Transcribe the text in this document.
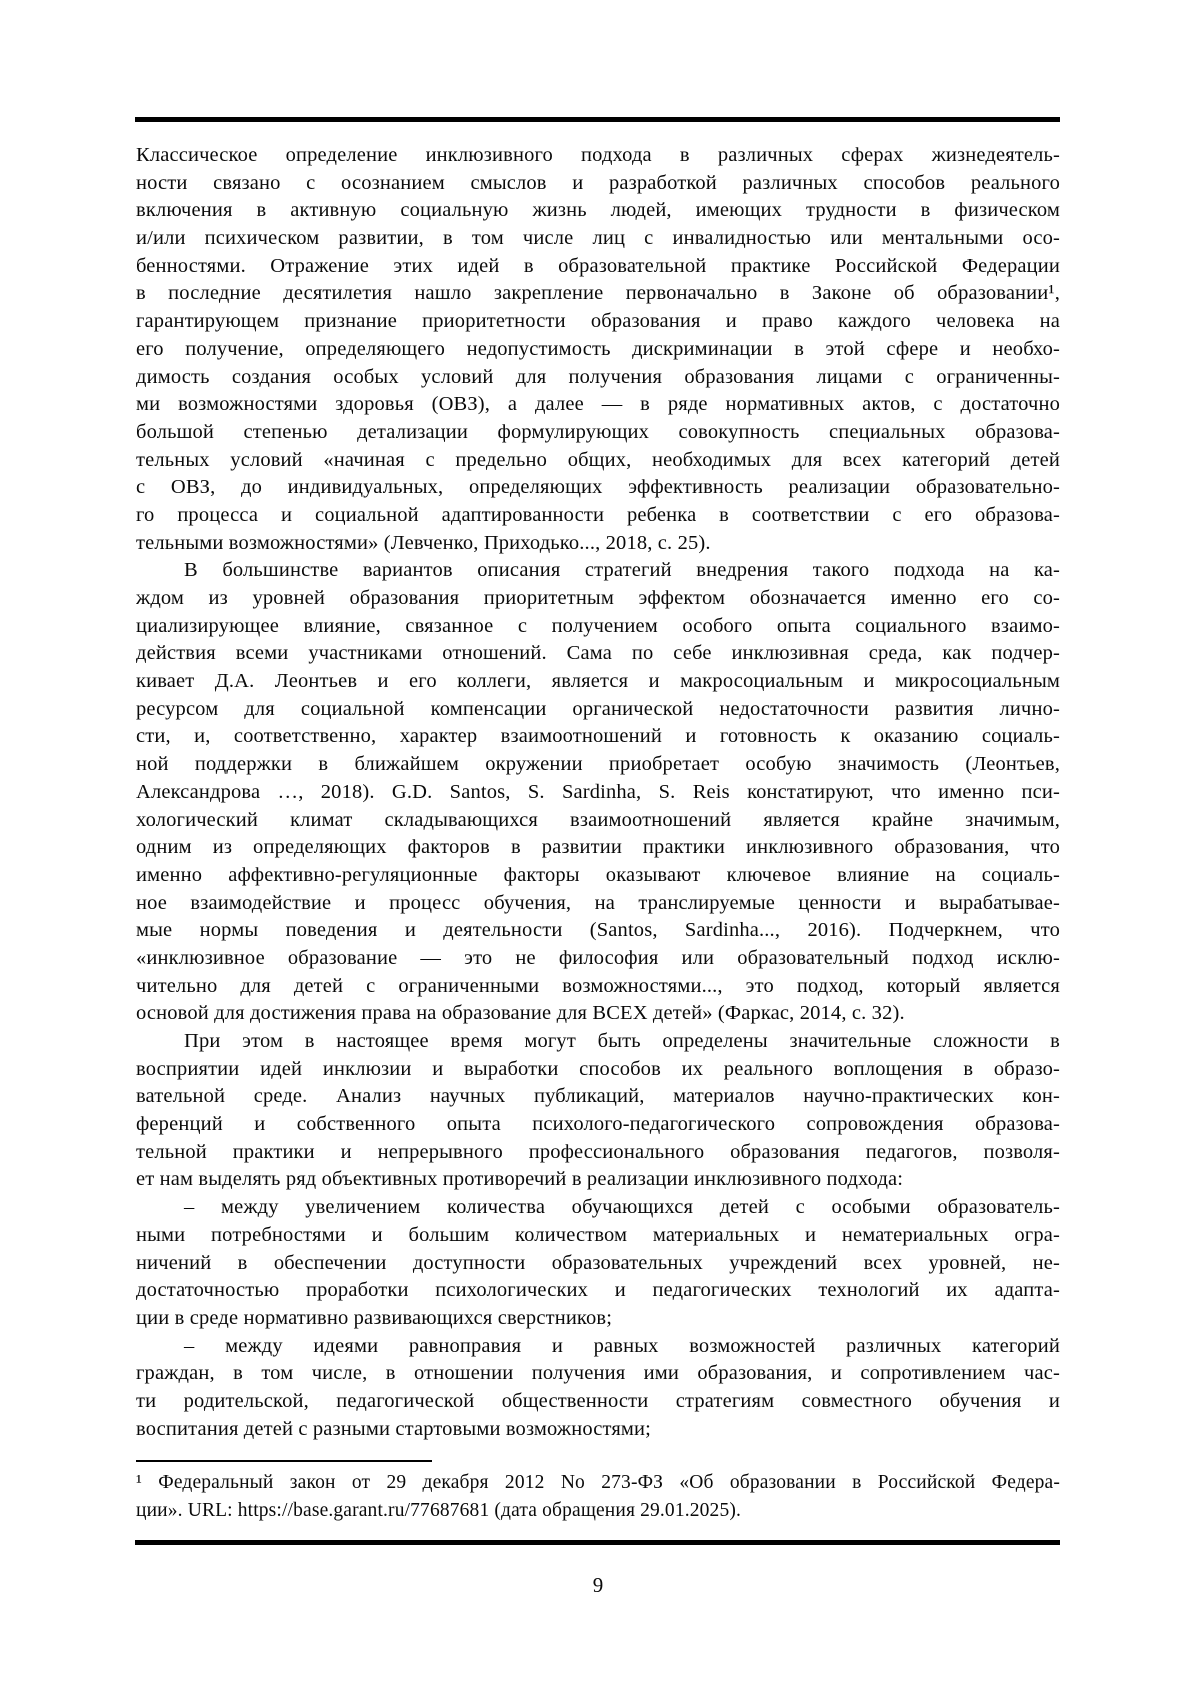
Классическое определение инклюзивного подхода в различных сферах жизнедеятель-
ности связано с осознанием смыслов и разработкой различных способов реального
включения в активную социальную жизнь людей, имеющих трудности в физическом
и/или психическом развитии, в том числе лиц с инвалидностью или ментальными осо-
бенностями. Отражение этих идей в образовательной практике Российской Федерации
в последние десятилетия нашло закрепление первоначально в Законе об образовании¹,
гарантирующем признание приоритетности образования и право каждого человека на
его получение, определяющего недопустимость дискриминации в этой сфере и необхо-
димость создания особых условий для получения образования лицами с ограниченны-
ми возможностями здоровья (ОВЗ), а далее — в ряде нормативных актов, с достаточно
большой степенью детализации формулирующих совокупность специальных образова-
тельных условий «начиная с предельно общих, необходимых для всех категорий детей
с ОВЗ, до индивидуальных, определяющих эффективность реализации образовательно-
го процесса и социальной адаптированности ребенка в соответствии с его образова-
тельными возможностями» (Левченко, Приходько..., 2018, с. 25).
В большинстве вариантов описания стратегий внедрения такого подхода на ка-
ждом из уровней образования приоритетным эффектом обозначается именно его со-
циализирующее влияние, связанное с получением особого опыта социального взаимо-
действия всеми участниками отношений. Сама по себе инклюзивная среда, как подчер-
кивает Д.А. Леонтьев и его коллеги, является и макросоциальным и микросоциальным
ресурсом для социальной компенсации органической недостаточности развития лично-
сти, и, соответственно, характер взаимоотношений и готовность к оказанию социаль-
ной поддержки в ближайшем окружении приобретает особую значимость (Леонтьев,
Александрова …, 2018). G.D. Santos, S. Sardinha, S. Reis констатируют, что именно пси-
хологический климат складывающихся взаимоотношений является крайне значимым,
одним из определяющих факторов в развитии практики инклюзивного образования, что
именно аффективно-регуляционные факторы оказывают ключевое влияние на социаль-
ное взаимодействие и процесс обучения, на транслируемые ценности и вырабатывае-
мые нормы поведения и деятельности (Santos, Sardinha..., 2016). Подчеркнем, что
«инклюзивное образование — это не философия или образовательный подход исклю-
чительно для детей с ограниченными возможностями..., это подход, который является
основой для достижения права на образование для ВСЕХ детей» (Фаркас, 2014, с. 32).
При этом в настоящее время могут быть определены значительные сложности в
восприятии идей инклюзии и выработки способов их реального воплощения в образо-
вательной среде. Анализ научных публикаций, материалов научно-практических кон-
ференций и собственного опыта психолого-педагогического сопровождения образова-
тельной практики и непрерывного профессионального образования педагогов, позволя-
ет нам выделять ряд объективных противоречий в реализации инклюзивного подхода:
– между увеличением количества обучающихся детей с особыми образователь-
ными потребностями и большим количеством материальных и нематериальных огра-
ничений в обеспечении доступности образовательных учреждений всех уровней, не-
достаточностью проработки психологических и педагогических технологий их адапта-
ции в среде нормативно развивающихся сверстников;
– между идеями равноправия и равных возможностей различных категорий
граждан, в том числе, в отношении получения ими образования, и сопротивлением час-
ти родительской, педагогической общественности стратегиям совместного обучения и
воспитания детей с разными стартовыми возможностями;
¹ Федеральный закон от 29 декабря 2012 No 273-ФЗ «Об образовании в Российской Федера-
ции». URL: https://base.garant.ru/77687681 (дата обращения 29.01.2025).
9
